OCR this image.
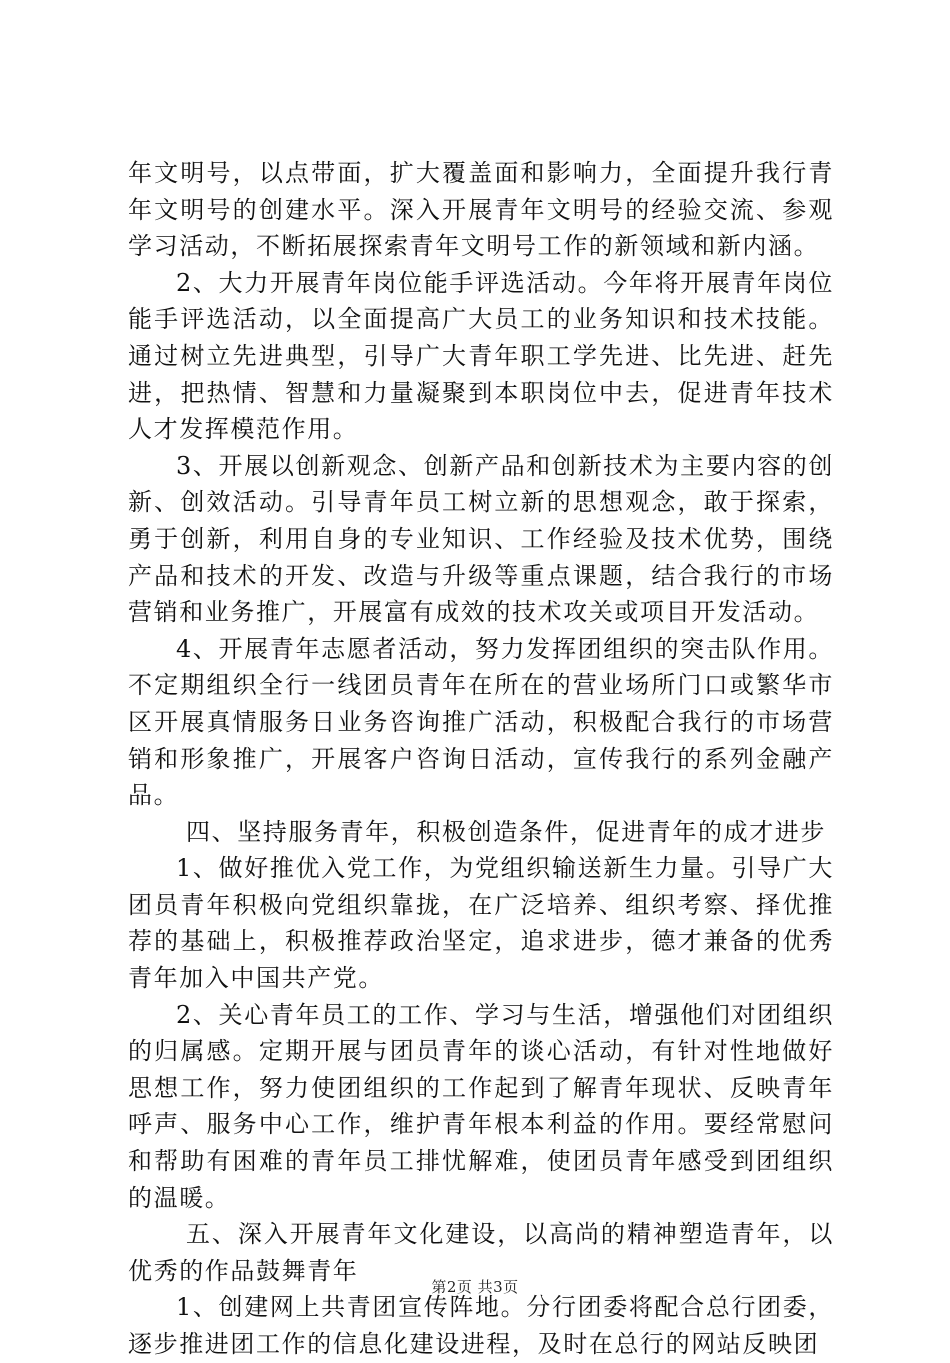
年文明号，以点带面，扩大覆盖面和影响力，全面提升我行青年文明号的创建水平。深入开展青年文明号的经验交流、参观学习活动，不断拓展探索青年文明号工作的新领域和新内涵。

2、大力开展青年岗位能手评选活动。今年将开展青年岗位能手评选活动，以全面提高广大员工的业务知识和技术技能。通过树立先进典型，引导广大青年职工学先进、比先进、赶先进，把热情、智慧和力量凝聚到本职岗位中去，促进青年技术人才发挥模范作用。

3、开展以创新观念、创新产品和创新技术为主要内容的创新、创效活动。引导青年员工树立新的思想观念，敢于探索，勇于创新，利用自身的专业知识、工作经验及技术优势，围绕产品和技术的开发、改造与升级等重点课题，结合我行的市场营销和业务推广，开展富有成效的技术攻关或项目开发活动。

4、开展青年志愿者活动，努力发挥团组织的突击队作用。不定期组织全行一线团员青年在所在的营业场所门口或繁华市区开展真情服务日业务咨询推广活动，积极配合我行的市场营销和形象推广，开展客户咨询日活动，宣传我行的系列金融产品。

四、坚持服务青年，积极创造条件，促进青年的成才进步

1、做好推优入党工作，为党组织输送新生力量。引导广大团员青年积极向党组织靠拢，在广泛培养、组织考察、择优推荐的基础上，积极推荐政治坚定，追求进步，德才兼备的优秀青年加入中国共产党。

2、关心青年员工的工作、学习与生活，增强他们对团组织的归属感。定期开展与团员青年的谈心活动，有针对性地做好思想工作，努力使团组织的工作起到了解青年现状、反映青年呼声、服务中心工作，维护青年根本利益的作用。要经常慰问和帮助有困难的青年员工排忧解难，使团员青年感受到团组织的温暖。

五、深入开展青年文化建设，以高尚的精神塑造青年，以优秀的作品鼓舞青年

1、创建网上共青团宣传阵地。分行团委将配合总行团委，逐步推进团工作的信息化建设进程，及时在总行的网站反映团

第2页 共3页
